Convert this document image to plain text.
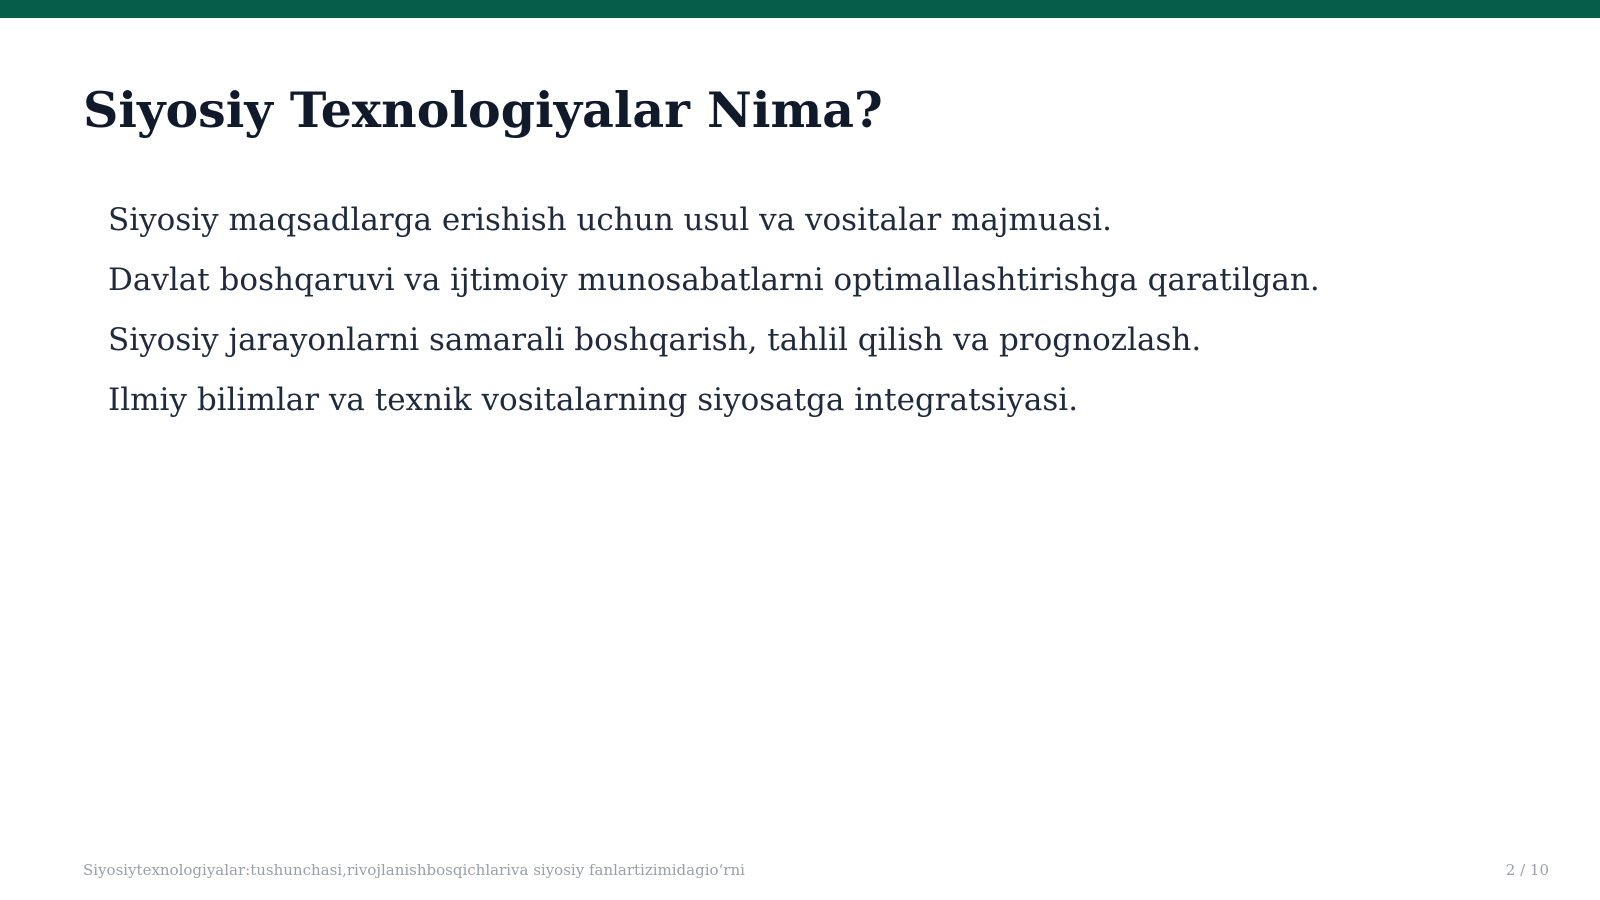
Siyosiy Texnologiyalar Nima?
Siyosiy maqsadlarga erishish uchun usul va vositalar majmuasi.
Davlat boshqaruvi va ijtimoiy munosabatlarni optimallashtirishga qaratilgan.
Siyosiy jarayonlarni samarali boshqarish, tahlil qilish va prognozlash.
Ilmiy bilimlar va texnik vositalarning siyosatga integratsiyasi.
Siyosiytexnologiyalar:tushunchasi,rivojlanishbosqichlariva siyosiy fanlartizimidagio‘rni	2 / 10
